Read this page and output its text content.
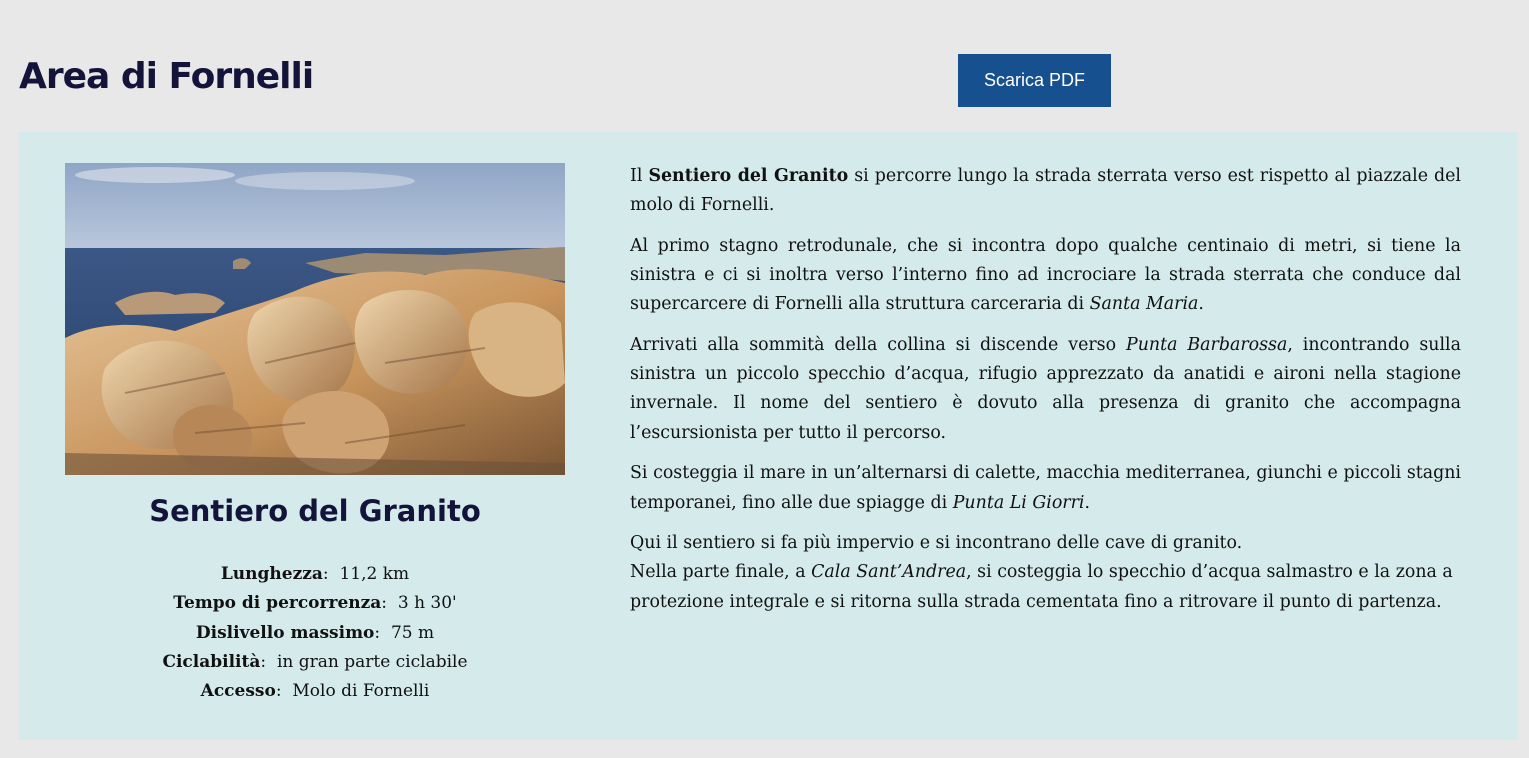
Area di Fornelli	Scarica PDF
Sentiero del Granito
Lunghezza:  11,2 km
Tempo di percorrenza:  3 h 30'
Dislivello massimo:  75 m
Ciclabilità:  in gran parte ciclabile
Accesso:  Molo di Fornelli

Il Sentiero del Granito si percorre lungo la strada sterrata verso est rispetto al piazzale del molo di Fornelli.

Al primo stagno retrodunale, che si incontra dopo qualche centinaio di metri, si tiene la sinistra e ci si inoltra verso l’interno fino ad incrociare la strada sterrata che conduce dal supercarcere di Fornelli alla struttura carceraria di Santa Maria.

Arrivati alla sommità della collina si discende verso Punta Barbarossa, incontrando sulla sinistra un piccolo specchio d’acqua, rifugio apprezzato da anatidi e aironi nella stagione invernale. Il nome del sentiero è dovuto alla presenza di granito che accompagna l’escursionista per tutto il percorso.

Si costeggia il mare in un’alternarsi di calette, macchia mediterranea, giunchi e piccoli stagni temporanei, fino alle due spiagge di Punta Li Giorri.

Qui il sentiero si fa più impervio e si incontrano delle cave di granito.

Nella parte finale, a Cala Sant’Andrea, si costeggia lo specchio d’acqua salmastro e la zona a protezione integrale e si ritorna sulla strada cementata fino a ritrovare il punto di partenza.
